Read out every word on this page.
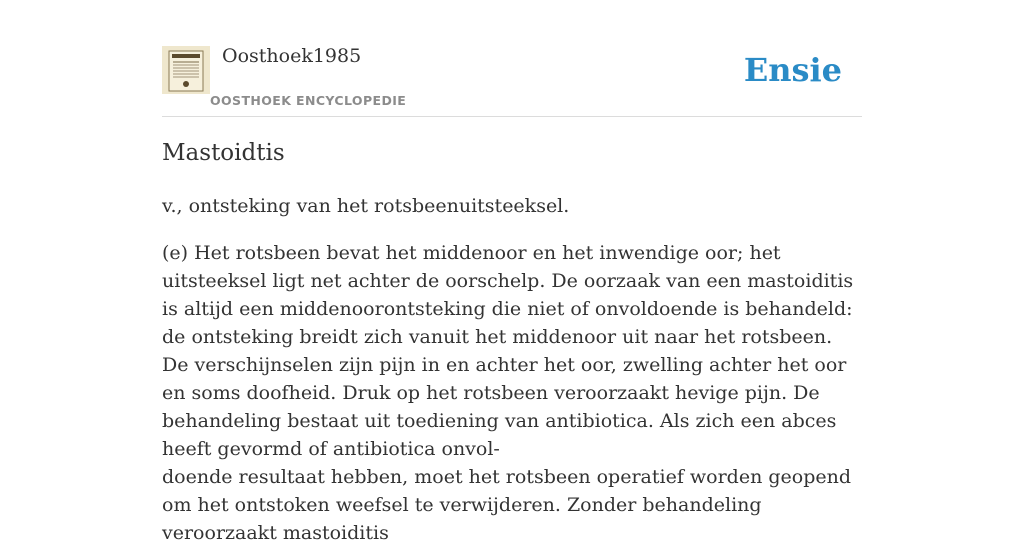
Oosthoek1985
OOSTHOEK ENCYCLOPEDIE
Ensie
Mastoidtis

v., ontsteking van het rotsbeenuitsteeksel.

(e) Het rotsbeen bevat het middenoor en het inwendige oor; het uitsteeksel ligt net achter de oorschelp. De oorzaak van een mastoiditis is altijd een middenoorontsteking die niet of onvoldoende is behandeld: de ontsteking breidt zich vanuit het middenoor uit naar het rotsbeen. De verschijnselen zijn pijn in en achter het oor, zwelling achter het oor en soms doofheid. Druk op het rotsbeen veroorzaakt hevige pijn. De behandeling bestaat uit toediening van antibiotica. Als zich een abces heeft gevormd of antibiotica onvol-

doende resultaat hebben, moet het rotsbeen operatief worden geopend om het ontstoken weefsel te verwijderen. Zonder behandeling veroorzaakt mastoiditis
